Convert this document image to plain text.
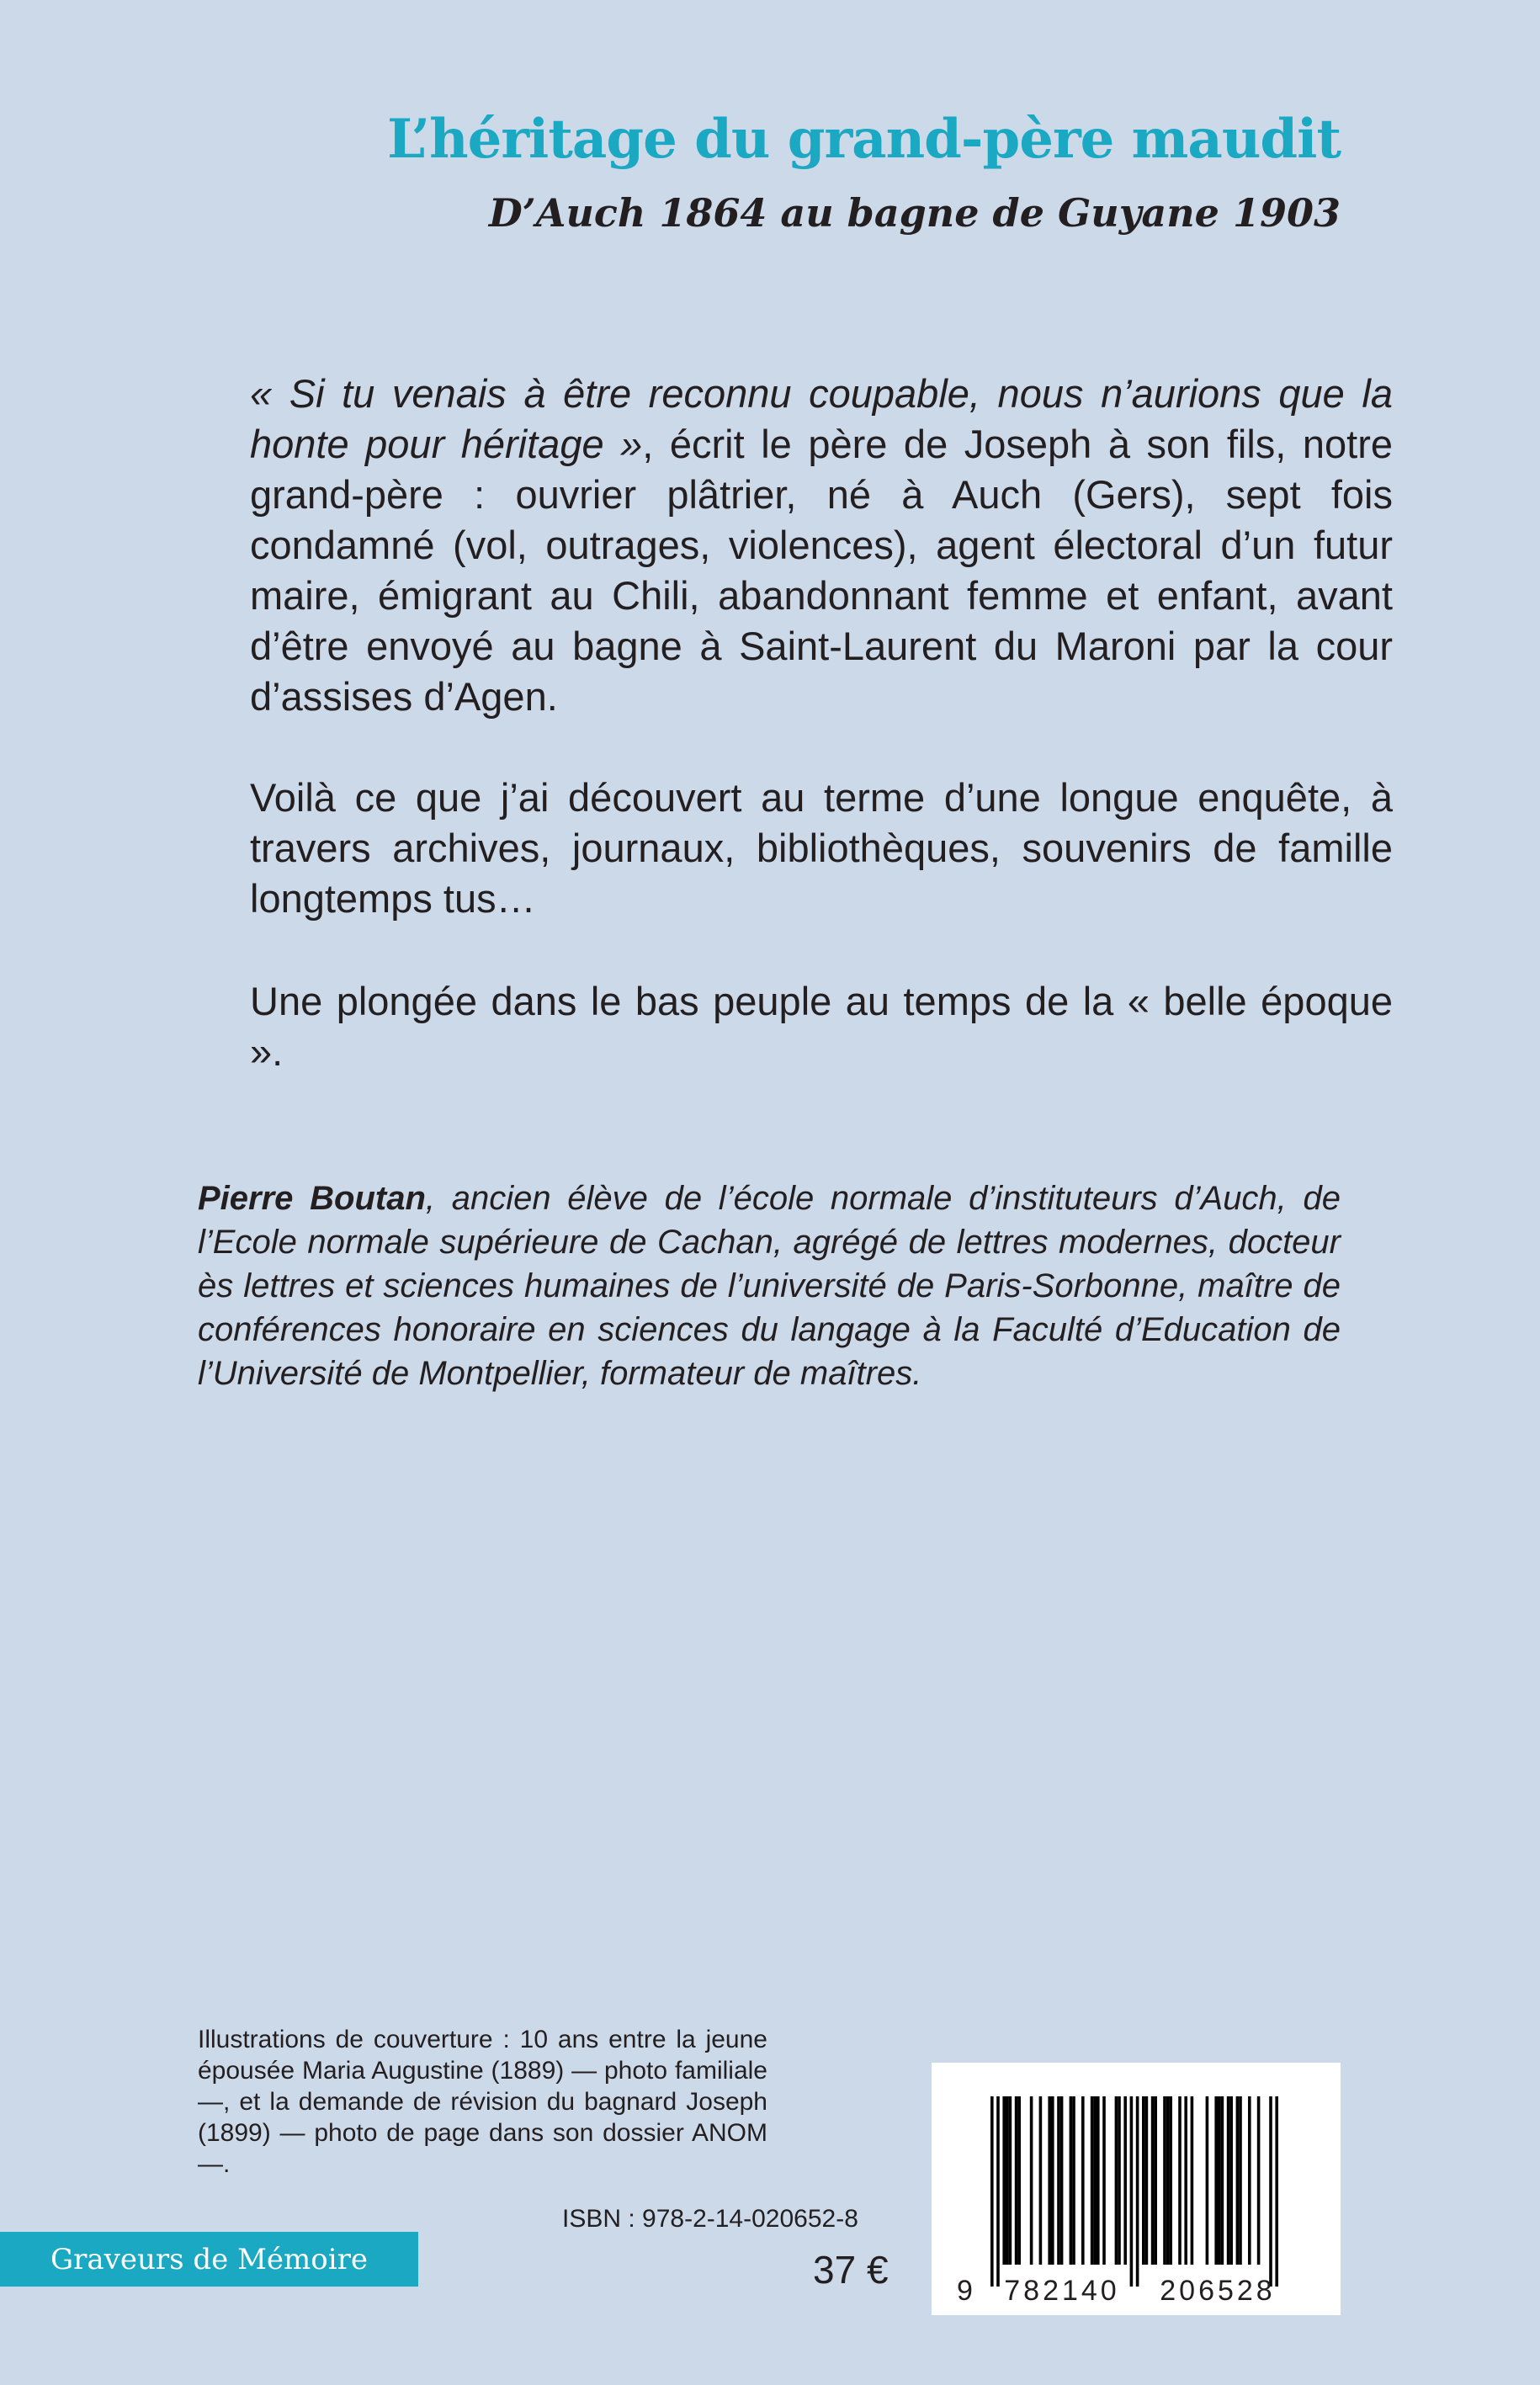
L’héritage du grand-père maudit
D’Auch 1864 au bagne de Guyane 1903

« Si tu venais à être reconnu coupable, nous n’aurions que la honte pour héritage », écrit le père de Joseph à son fils, notre grand-père : ouvrier plâtrier, né à Auch (Gers), sept fois condamné (vol, outrages, violences), agent électoral d’un futur maire, émigrant au Chili, abandonnant femme et enfant, avant d’être envoyé au bagne à Saint-Laurent du Maroni par la cour d’assises d’Agen.

Voilà ce que j’ai découvert au terme d’une longue enquête, à travers archives, journaux, bibliothèques, souvenirs de famille longtemps tus…

Une plongée dans le bas peuple au temps de la « belle époque ».

Pierre Boutan, ancien élève de l’école normale d’instituteurs d’Auch, de l’Ecole normale supérieure de Cachan, agrégé de lettres modernes, docteur ès lettres et sciences humaines de l’université de Paris-Sorbonne, maître de conférences honoraire en sciences du langage à la Faculté d’Education de l’Université de Montpellier, formateur de maîtres.

Illustrations de couverture : 10 ans entre la jeune épousée Maria Augustine (1889) — photo familiale —, et la demande de révision du bagnard Joseph (1899) — photo de page dans son dossier ANOM —.

ISBN : 978-2-14-020652-8
37 €
Graveurs de Mémoire
9 782140 206528
